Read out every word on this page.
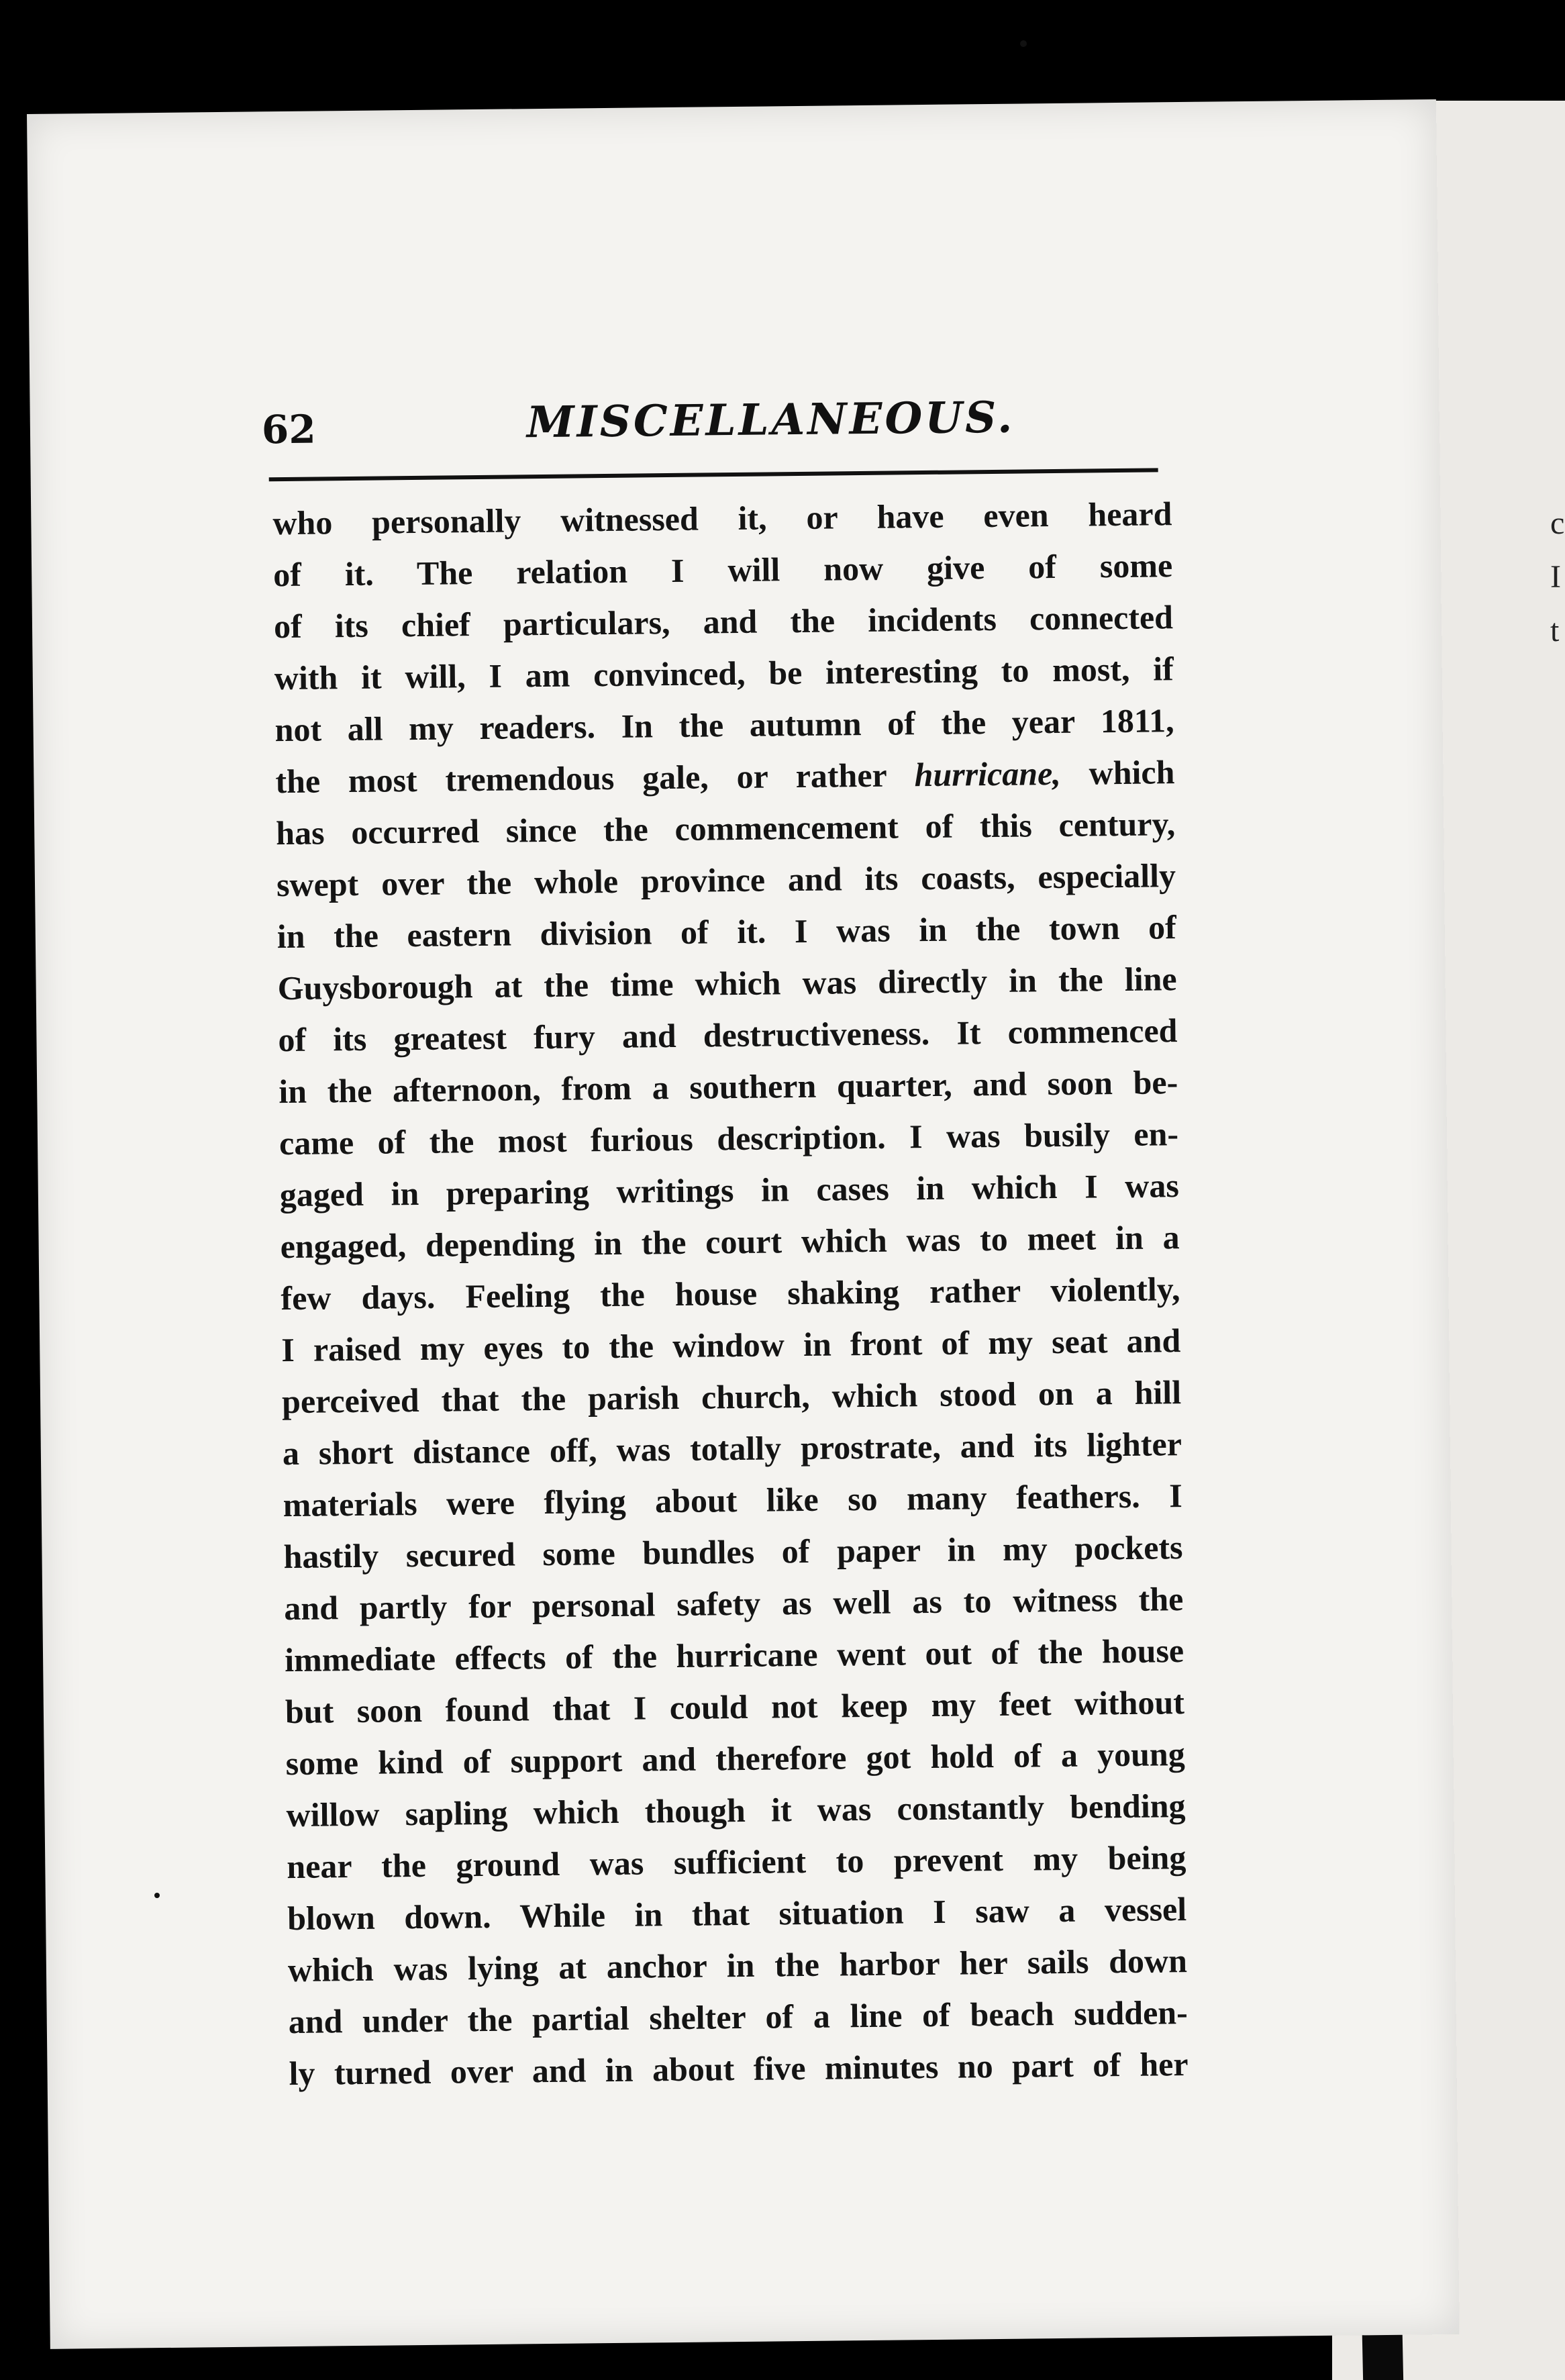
c
I
t
62	MISCELLANEOUS.
who personally witnessed it, or have even heard
of it. The relation I will now give of some
of its chief particulars, and the incidents connected
with it will, I am convinced, be interesting to most, if
not all my readers. In the autumn of the year 1811,
the most tremendous gale, or rather hurricane, which
has occurred since the commencement of this century,
swept over the whole province and its coasts, especially
in the eastern division of it. I was in the town of
Guysborough at the time which was directly in the line
of its greatest fury and destructiveness. It commenced
in the afternoon, from a southern quarter, and soon be-
came of the most furious description. I was busily en-
gaged in preparing writings in cases in which I was
engaged, depending in the court which was to meet in a
few days. Feeling the house shaking rather violently,
I raised my eyes to the window in front of my seat and
perceived that the parish church, which stood on a hill
a short distance off, was totally prostrate, and its lighter
materials were flying about like so many feathers. I
hastily secured some bundles of paper in my pockets
and partly for personal safety as well as to witness the
immediate effects of the hurricane went out of the house
but soon found that I could not keep my feet without
some kind of support and therefore got hold of a young
willow sapling which though it was constantly bending
near the ground was sufficient to prevent my being
blown down. While in that situation I saw a vessel
which was lying at anchor in the harbor her sails down
and under the partial shelter of a line of beach sudden-
ly turned over and in about five minutes no part of her
